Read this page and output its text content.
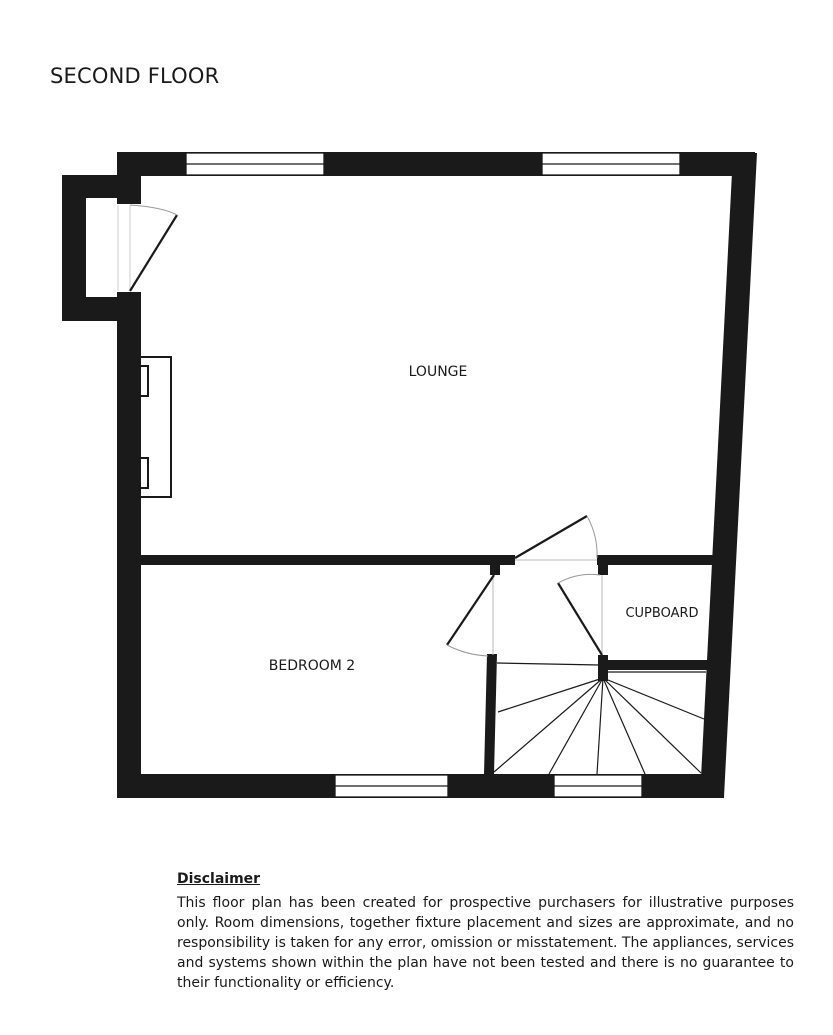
SECOND FLOOR
LOUNGE
BEDROOM 2
CUPBOARD
Disclaimer

This floor plan has been created for prospective purchasers for illustrative purposes only. Room dimensions, together fixture placement and sizes are approximate, and no responsibility is taken for any error, omission or misstatement. The appliances, services and systems shown within the plan have not been tested and there is no guarantee to their functionality or efficiency.
